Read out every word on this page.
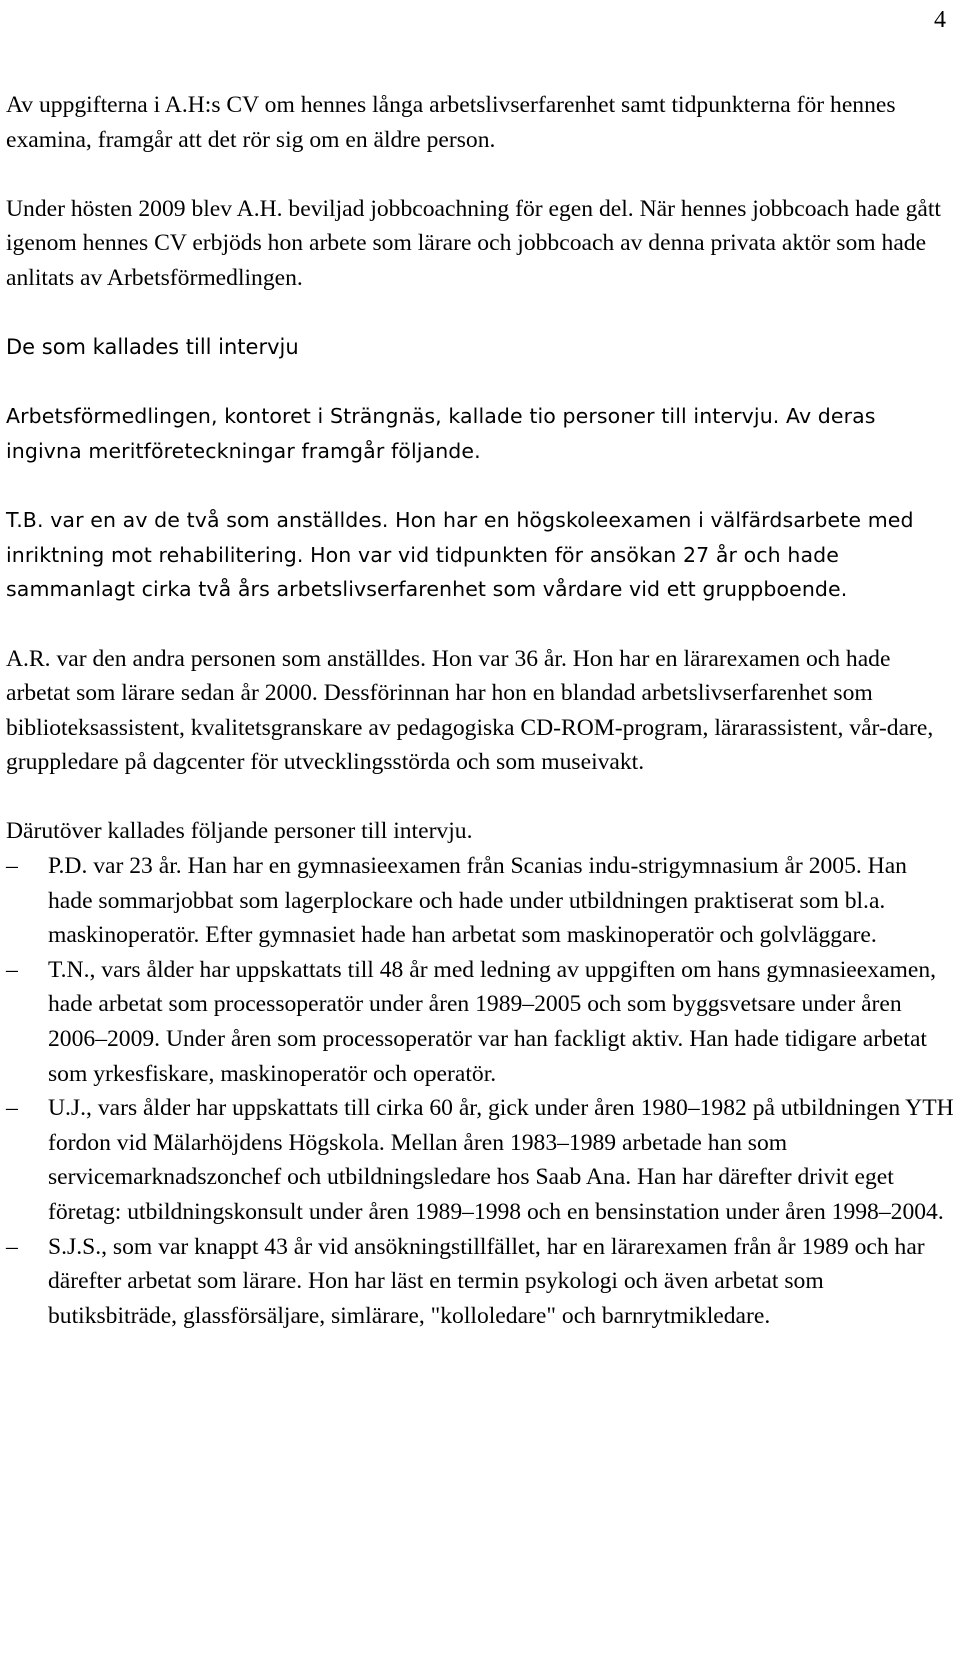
4

Av uppgifterna i A.H:s CV om hennes långa arbetslivserfarenhet samt tidpunkterna för hennes examina, framgår att det rör sig om en äldre person.

Under hösten 2009 blev A.H. beviljad jobbcoachning för egen del. När hennes jobbcoach hade gått igenom hennes CV erbjöds hon arbete som lärare och jobbcoach av denna privata aktör som hade anlitats av Arbetsförmedlingen.

De som kallades till intervju

Arbetsförmedlingen, kontoret i Strängnäs, kallade tio personer till intervju. Av deras ingivna meritföreteckningar framgår följande.

T.B. var en av de två som anställdes. Hon har en högskoleexamen i välfärdsarbete med inriktning mot rehabilitering. Hon var vid tidpunkten för ansökan 27 år och hade sammanlagt cirka två års arbetslivserfarenhet som vårdare vid ett gruppboende.

A.R. var den andra personen som anställdes. Hon var 36 år. Hon har en lärarexamen och hade arbetat som lärare sedan år 2000. Dessförinnan har hon en blandad arbetslivserfarenhet som biblioteksassistent, kvalitetsgranskare av pedagogiska CD-ROM-program, lärarassistent, vår-dare, gruppledare på dagcenter för utvecklingsstörda och som museivakt.

Därutöver kallades följande personer till intervju.

–	P.D. var 23 år. Han har en gymnasieexamen från Scanias indu-strigymnasium år 2005. Han hade sommarjobbat som lagerplockare och hade under utbildningen praktiserat som bl.a. maskinoperatör. Efter gymnasiet hade han arbetat som maskinoperatör och golvläggare.
–	T.N., vars ålder har uppskattats till 48 år med ledning av uppgiften om hans gymnasieexamen, hade arbetat som processoperatör under åren 1989–2005 och som byggsvetsare under åren 2006–2009. Under åren som processoperatör var han fackligt aktiv. Han hade tidigare arbetat som yrkesfiskare, maskinoperatör och operatör.
–	U.J., vars ålder har uppskattats till cirka 60 år, gick under åren 1980–1982 på utbildningen YTH fordon vid Mälarhöjdens Högskola. Mellan åren 1983–1989 arbetade han som servicemarknadszonchef och utbildningsledare hos Saab Ana. Han har därefter drivit eget företag: utbildningskonsult under åren 1989–1998 och en bensinstation under åren 1998–2004.
–	S.J.S., som var knappt 43 år vid ansökningstillfället, har en lärarexamen från år 1989 och har därefter arbetat som lärare. Hon har läst en termin psykologi och även arbetat som butiksbiträde, glassförsäljare, simlärare, "kolloledare" och barnrytmikledare.
